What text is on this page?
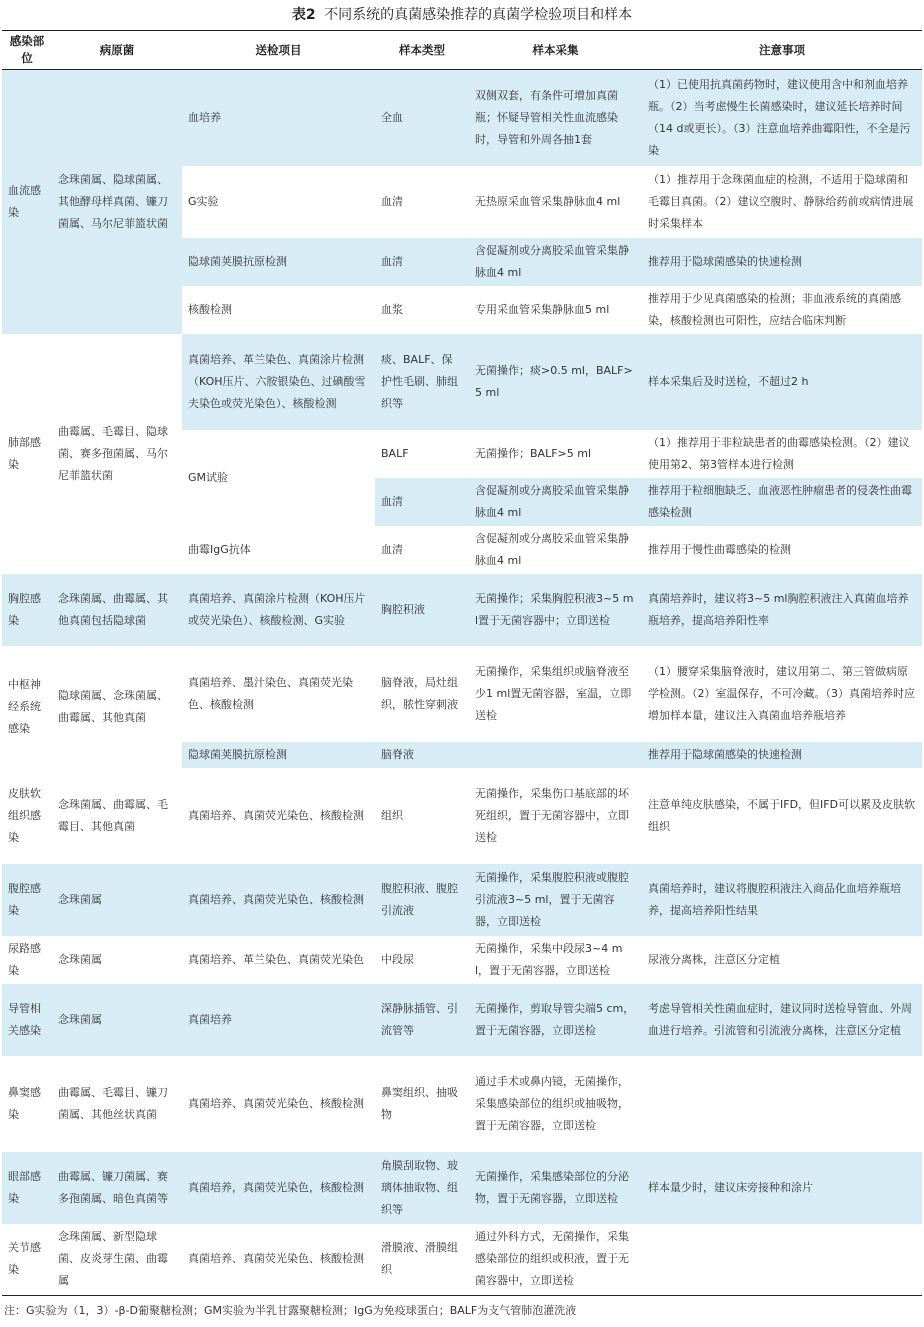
表2 不同系统的真菌感染推荐的真菌学检验项目和样本
感染部位	病原菌	送检项目	样本类型	样本采集	注意事项
血流感染	念珠菌属、隐球菌属、其他酵母样真菌、镰刀菌属、马尔尼菲篮状菌	血培养	全血	双侧双套，有条件可增加真菌瓶；怀疑导管相关性血流感染时，导管和外周各抽1套	（1）已使用抗真菌药物时，建议使用含中和剂血培养瓶。（2）当考虑慢生长菌感染时，建议延长培养时间（14 d或更长）。（3）注意血培养曲霉阳性，不全是污染
		G实验	血清	无热原采血管采集静脉血4 ml	（1）推荐用于念珠菌血症的检测，不适用于隐球菌和毛霉目真菌。（2）建议空腹时、静脉给药前或病情进展时采集样本
		隐球菌荚膜抗原检测	血清	含促凝剂或分离胶采血管采集静脉血4 ml	推荐用于隐球菌感染的快速检测
		核酸检测	血浆	专用采血管采集静脉血5 ml	推荐用于少见真菌感染的检测；非血液系统的真菌感染，核酸检测也可阳性，应结合临床判断
肺部感染	曲霉属、毛霉目、隐球菌、赛多孢菌属、马尔尼菲篮状菌	真菌培养、革兰染色、真菌涂片检测（KOH压片、六胺银染色、过碘酸雪夫染色或荧光染色）、核酸检测	痰、BALF、保护性毛刷、肺组织等	无菌操作；痰>0.5 ml，BALF>5 ml	样本采集后及时送检，不超过2 h
		GM试验	BALF	无菌操作；BALF>5 ml	（1）推荐用于非粒缺患者的曲霉感染检测。（2）建议使用第2、第3管样本进行检测
			血清	含促凝剂或分离胶采血管采集静脉血4 ml	推荐用于粒细胞缺乏、血液恶性肿瘤患者的侵袭性曲霉感染检测
		曲霉IgG抗体	血清	含促凝剂或分离胶采血管采集静脉血4 ml	推荐用于慢性曲霉感染的检测
胸腔感染	念珠菌属、曲霉属、其他真菌包括隐球菌	真菌培养、真菌涂片检测（KOH压片或荧光染色）、核酸检测、G实验	胸腔积液	无菌操作；采集胸腔积液3~5 ml置于无菌容器中；立即送检	真菌培养时，建议将3~5 ml胸腔积液注入真菌血培养瓶培养，提高培养阳性率
中枢神经系统感染	隐球菌属、念珠菌属、曲霉属、其他真菌	真菌培养、墨汁染色、真菌荧光染色、核酸检测	脑脊液，局灶组织，脓性穿刺液	无菌操作，采集组织或脑脊液至少1 ml置无菌容器，室温，立即送检	（1）腰穿采集脑脊液时，建议用第二、第三管做病原学检测。（2）室温保存，不可冷藏。（3）真菌培养时应增加样本量，建议注入真菌血培养瓶培养
		隐球菌荚膜抗原检测	脑脊液		推荐用于隐球菌感染的快速检测
皮肤软组织感染	念珠菌属、曲霉属、毛霉目、其他真菌	真菌培养、真菌荧光染色、核酸检测	组织	无菌操作，采集伤口基底部的坏死组织，置于无菌容器中，立即送检	注意单纯皮肤感染，不属于IFD，但IFD可以累及皮肤软组织
腹腔感染	念珠菌属	真菌培养、真菌荧光染色、核酸检测	腹腔积液、腹腔引流液	无菌操作，采集腹腔积液或腹腔引流液3~5 ml，置于无菌容器，立即送检	真菌培养时，建议将腹腔积液注入商品化血培养瓶培养，提高培养阳性结果
尿路感染	念珠菌属	真菌培养、革兰染色、真菌荧光染色	中段尿	无菌操作，采集中段尿3~4 ml，置于无菌容器，立即送检	尿液分离株，注意区分定植
导管相关感染	念珠菌属	真菌培养	深静脉插管、引流管等	无菌操作，剪取导管尖端5 cm，置于无菌容器，立即送检	考虑导管相关性菌血症时，建议同时送检导管血、外周血进行培养。引流管和引流液分离株，注意区分定植
鼻窦感染	曲霉属、毛霉目、镰刀菌属、其他丝状真菌	真菌培养、真菌荧光染色、核酸检测	鼻窦组织、抽吸物	通过手术或鼻内镜，无菌操作，采集感染部位的组织或抽吸物，置于无菌容器，立即送检	
眼部感染	曲霉属、镰刀菌属、赛多孢菌属、暗色真菌等	真菌培养，真菌荧光染色，核酸检测	角膜刮取物、玻璃体抽取物、组织等	无菌操作，采集感染部位的分泌物，置于无菌容器，立即送检	样本量少时，建议床旁接种和涂片
关节感染	念珠菌属、新型隐球菌、皮炎芽生菌、曲霉属	真菌培养、真菌荧光染色、核酸检测	滑膜液、滑膜组织	通过外科方式，无菌操作，采集感染部位的组织或积液，置于无菌容器中，立即送检	
注：G实验为（1，3）-β-D葡聚糖检测；GM实验为半乳甘露聚糖检测；IgG为免疫球蛋白；BALF为支气管肺泡灌洗液
